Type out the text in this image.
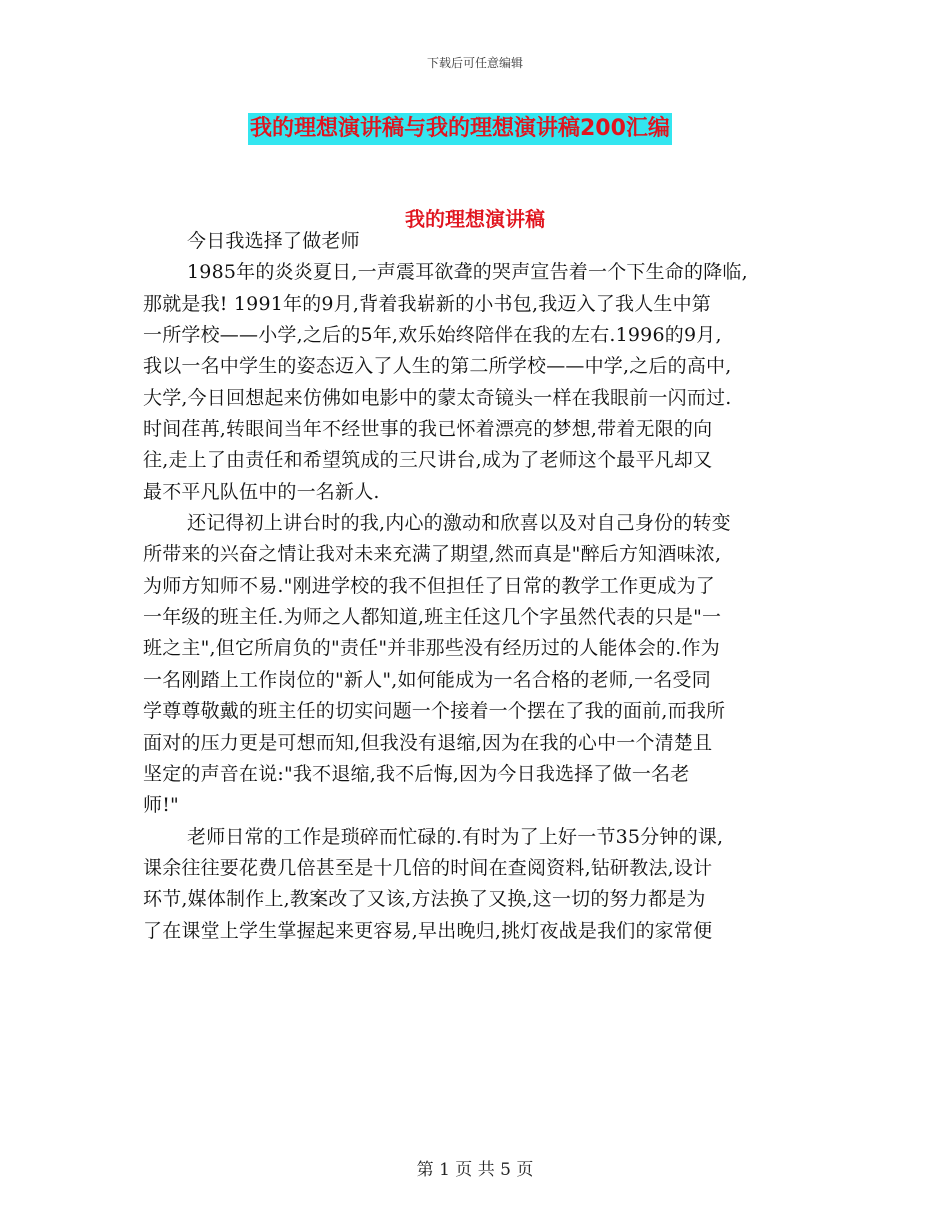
下载后可任意编辑
我的理想演讲稿与我的理想演讲稿200汇编
我的理想演讲稿
今日我选择了做老师
1985年的炎炎夏日,一声震耳欲聋的哭声宣告着一个下生命的降临,
那就是我! 1991年的9月,背着我崭新的小书包,我迈入了我人生中第
一所学校——小学,之后的5年,欢乐始终陪伴在我的左右.1996的9月,
我以一名中学生的姿态迈入了人生的第二所学校——中学,之后的高中,
大学,今日回想起来仿佛如电影中的蒙太奇镜头一样在我眼前一闪而过.
时间荏苒,转眼间当年不经世事的我已怀着漂亮的梦想,带着无限的向
往,走上了由责任和希望筑成的三尺讲台,成为了老师这个最平凡却又
最不平凡队伍中的一名新人.
还记得初上讲台时的我,内心的激动和欣喜以及对自己身份的转变
所带来的兴奋之情让我对未来充满了期望,然而真是"醉后方知酒味浓,
为师方知师不易."刚进学校的我不但担任了日常的教学工作更成为了
一年级的班主任.为师之人都知道,班主任这几个字虽然代表的只是"一
班之主",但它所肩负的"责任"并非那些没有经历过的人能体会的.作为
一名刚踏上工作岗位的"新人",如何能成为一名合格的老师,一名受同
学尊尊敬戴的班主任的切实问题一个接着一个摆在了我的面前,而我所
面对的压力更是可想而知,但我没有退缩,因为在我的心中一个清楚且
坚定的声音在说:"我不退缩,我不后悔,因为今日我选择了做一名老
师!"
老师日常的工作是琐碎而忙碌的.有时为了上好一节35分钟的课,
课余往往要花费几倍甚至是十几倍的时间在查阅资料,钻研教法,设计
环节,媒体制作上,教案改了又该,方法换了又换,这一切的努力都是为
了在课堂上学生掌握起来更容易,早出晚归,挑灯夜战是我们的家常便
第 1 页 共 5 页
